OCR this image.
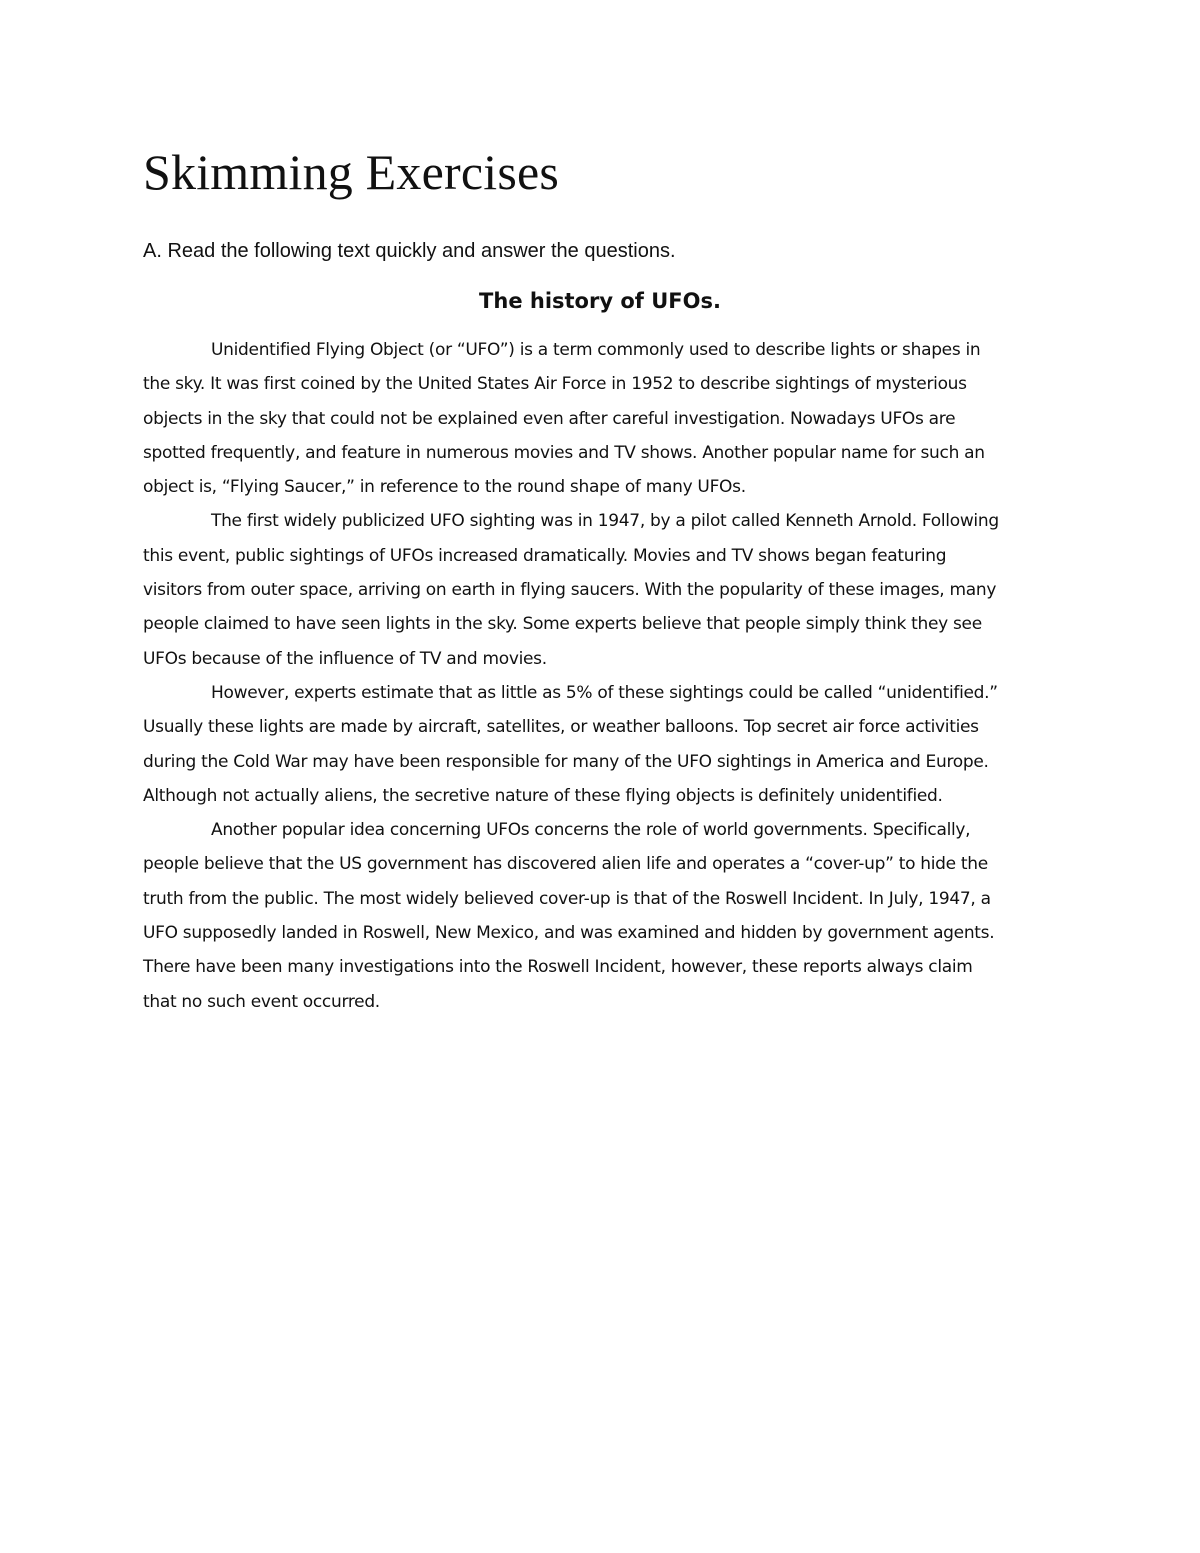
Skimming Exercises

A. Read the following text quickly and answer the questions.

The history of UFOs.
Unidentified Flying Object (or “UFO”) is a term commonly used to describe lights or shapes in
the sky. It was first coined by the United States Air Force in 1952 to describe sightings of mysterious
objects in the sky that could not be explained even after careful investigation. Nowadays UFOs are
spotted frequently, and feature in numerous movies and TV shows. Another popular name for such an
object is, “Flying Saucer,” in reference to the round shape of many UFOs.
The first widely publicized UFO sighting was in 1947, by a pilot called Kenneth Arnold. Following
this event, public sightings of UFOs increased dramatically. Movies and TV shows began featuring
visitors from outer space, arriving on earth in flying saucers. With the popularity of these images, many
people claimed to have seen lights in the sky. Some experts believe that people simply think they see
UFOs because of the influence of TV and movies.
However, experts estimate that as little as 5% of these sightings could be called “unidentified.”
Usually these lights are made by aircraft, satellites, or weather balloons. Top secret air force activities
during the Cold War may have been responsible for many of the UFO sightings in America and Europe.
Although not actually aliens, the secretive nature of these flying objects is definitely unidentified.
Another popular idea concerning UFOs concerns the role of world governments. Specifically,
people believe that the US government has discovered alien life and operates a “cover-up” to hide the
truth from the public. The most widely believed cover-up is that of the Roswell Incident. In July, 1947, a
UFO supposedly landed in Roswell, New Mexico, and was examined and hidden by government agents.
There have been many investigations into the Roswell Incident, however, these reports always claim
that no such event occurred.
